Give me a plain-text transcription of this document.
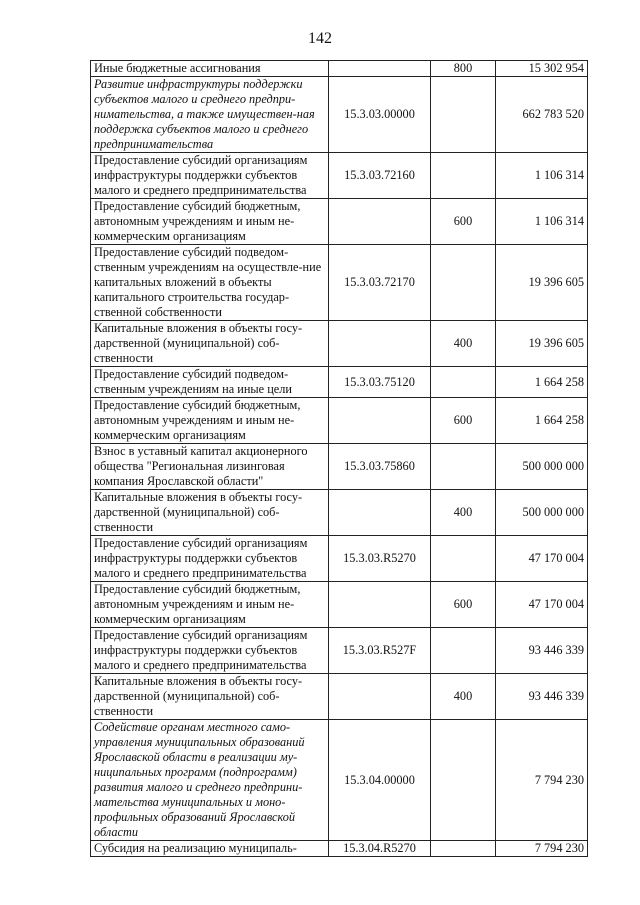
142
Иные бюджетные ассигнования		800	15 302 954
Развитие инфраструктуры поддержки субъектов малого и среднего предпри-нимательства, а также имуществен-ная поддержка субъектов малого и среднего предпринимательства	15.3.03.00000		662 783 520
Предоставление субсидий организациям инфраструктуры поддержки субъектов малого и среднего предпринимательства	15.3.03.72160		1 106 314
Предоставление субсидий бюджетным, автономным учреждениям и иным не-коммерческим организациям		600	1 106 314
Предоставление субсидий подведом-ственным учреждениям на осуществле-ние капитальных вложений в объекты капитального строительства государ-ственной собственности	15.3.03.72170		19 396 605
Капитальные вложения в объекты госу-дарственной (муниципальной) соб-ственности		400	19 396 605
Предоставление субсидий подведом-ственным учреждениям на иные цели	15.3.03.75120		1 664 258
Предоставление субсидий бюджетным, автономным учреждениям и иным не-коммерческим организациям		600	1 664 258
Взнос в уставный капитал акционерного общества "Региональная лизинговая компания Ярославской области"	15.3.03.75860		500 000 000
Капитальные вложения в объекты госу-дарственной (муниципальной) соб-ственности		400	500 000 000
Предоставление субсидий организациям инфраструктуры поддержки субъектов малого и среднего предпринимательства	15.3.03.R5270		47 170 004
Предоставление субсидий бюджетным, автономным учреждениям и иным не-коммерческим организациям		600	47 170 004
Предоставление субсидий организациям инфраструктуры поддержки субъектов малого и среднего предпринимательства	15.3.03.R527F		93 446 339
Капитальные вложения в объекты госу-дарственной (муниципальной) соб-ственности		400	93 446 339
Содействие органам местного само-управления муниципальных образований Ярославской области в реализации му-ниципальных программ (подпрограмм) развития малого и среднего предприни-мательства муниципальных и моно-профильных образований Ярославской области	15.3.04.00000		7 794 230
Субсидия на реализацию муниципаль-	15.3.04.R5270		7 794 230
